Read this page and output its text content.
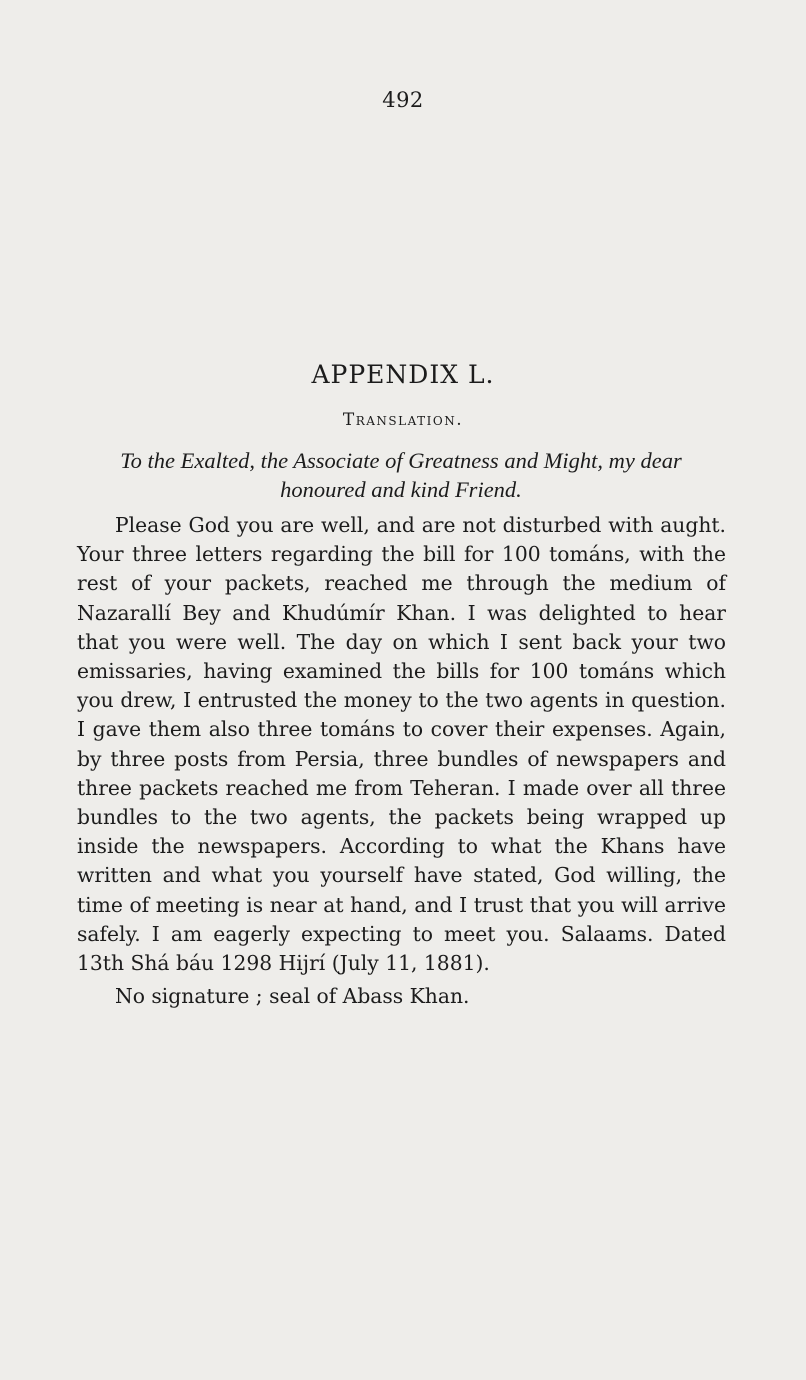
492
APPENDIX L.
Translation.
To the Exalted, the Associate of Greatness and Might, my dear honoured and kind Friend.

Please God you are well, and are not disturbed with aught. Your three letters regarding the bill for 100 tománs, with the rest of your packets, reached me through the medium of Nazarallí Bey and Khudúmír Khan. I was delighted to hear that you were well. The day on which I sent back your two emissaries, having examined the bills for 100 tománs which you drew, I entrusted the money to the two agents in question. I gave them also three tománs to cover their expenses. Again, by three posts from Persia, three bundles of newspapers and three packets reached me from Teheran. I made over all three bundles to the two agents, the packets being wrapped up inside the newspapers. According to what the Khans have written and what you yourself have stated, God willing, the time of meeting is near at hand, and I trust that you will arrive safely. I am eagerly expecting to meet you. Salaams. Dated 13th Shá báu 1298 Hijrí (July 11, 1881).

No signature ; seal of Abass Khan.
